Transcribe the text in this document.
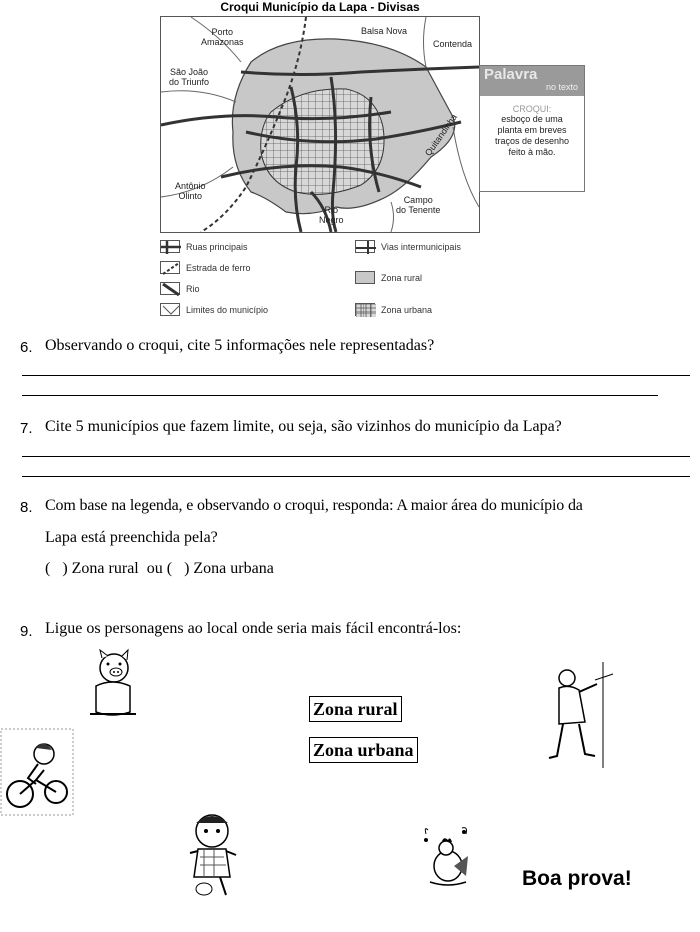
Croqui Município da Lapa - Divisas
Porto
Amazonas
Balsa Nova
Contenda
São João
do Triunfo
Antônio
Olinto
Rio
Negro
Campo
do Tenente
Quitandinha
Palavra
no texto
CROQUI:
esboço de uma
planta em breves
traços de desenho
feito à mão.
Ruas principais
Estrada de ferro
Rio
Limites do município
Vias intermunicipais
Zona rural
Zona urbana
6. Observando o croqui, cite 5 informações nele representadas?
7. Cite 5 municípios que fazem limite, ou seja, são vizinhos do município da Lapa?
8. Com base na legenda, e observando o croqui, responda: A maior área do município da
Lapa está preenchida pela?
(   ) Zona rural  ou (   ) Zona urbana
9. Ligue os personagens ao local onde seria mais fácil encontrá-los:
Zona rural
Zona urbana
Boa prova!
